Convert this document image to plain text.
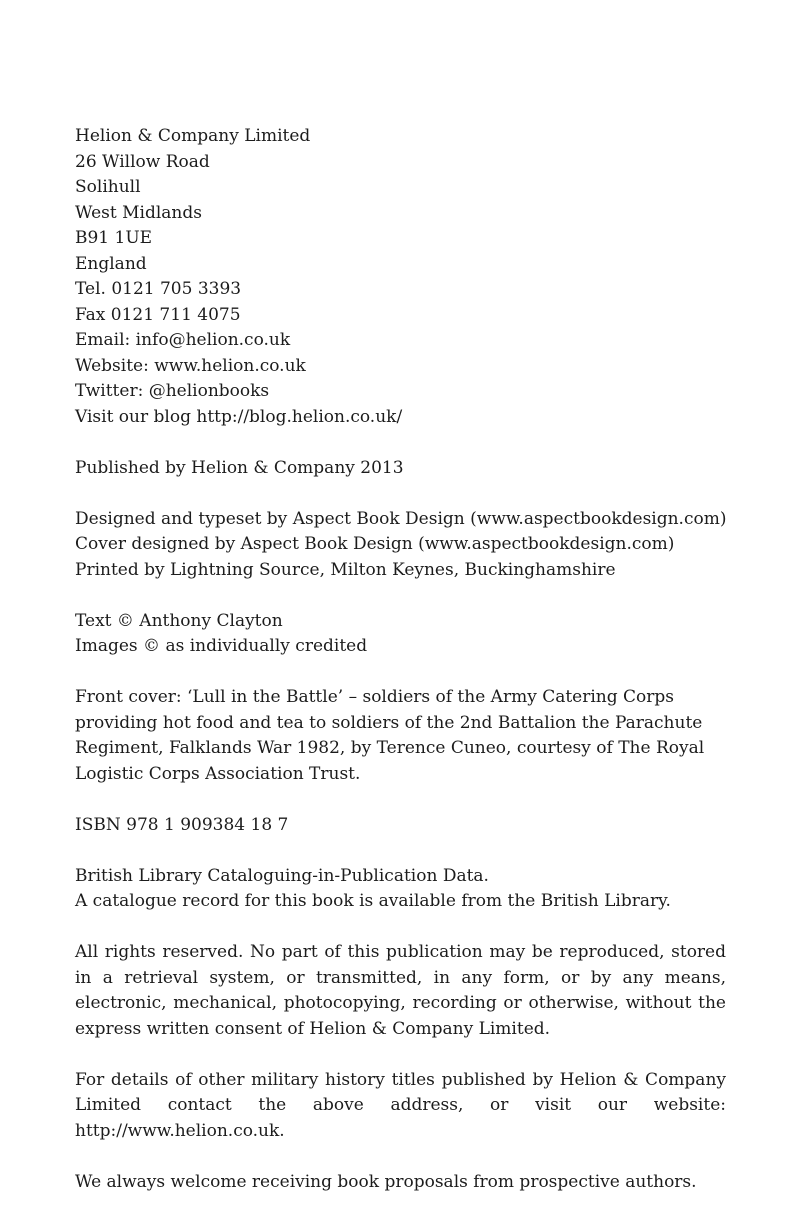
Helion & Company Limited
26 Willow Road
Solihull
West Midlands
B91 1UE
England
Tel. 0121 705 3393
Fax 0121 711 4075
Email: info@helion.co.uk
Website: www.helion.co.uk
Twitter: @helionbooks
Visit our blog http://blog.helion.co.uk/
Published by Helion & Company 2013
Designed and typeset by Aspect Book Design (www.aspectbookdesign.com)
Cover designed by Aspect Book Design (www.aspectbookdesign.com)
Printed by Lightning Source, Milton Keynes, Buckinghamshire
Text © Anthony Clayton
Images © as individually credited
Front cover: ‘Lull in the Battle’ – soldiers of the Army Catering Corps providing hot food and tea to soldiers of the 2nd Battalion the Parachute Regiment, Falklands War 1982, by Terence Cuneo, courtesy of The Royal Logistic Corps Association Trust.
ISBN 978 1 909384 18 7
British Library Cataloguing-in-Publication Data.
A catalogue record for this book is available from the British Library.
All rights reserved. No part of this publication may be reproduced, stored in a retrieval system, or transmitted, in any form, or by any means, electronic, mechanical, photocopying, recording or otherwise, without the express written consent of Helion & Company Limited.
For details of other military history titles published by Helion & Company Limited contact the above address, or visit our website: http://www.helion.co.uk.
We always welcome receiving book proposals from prospective authors.
